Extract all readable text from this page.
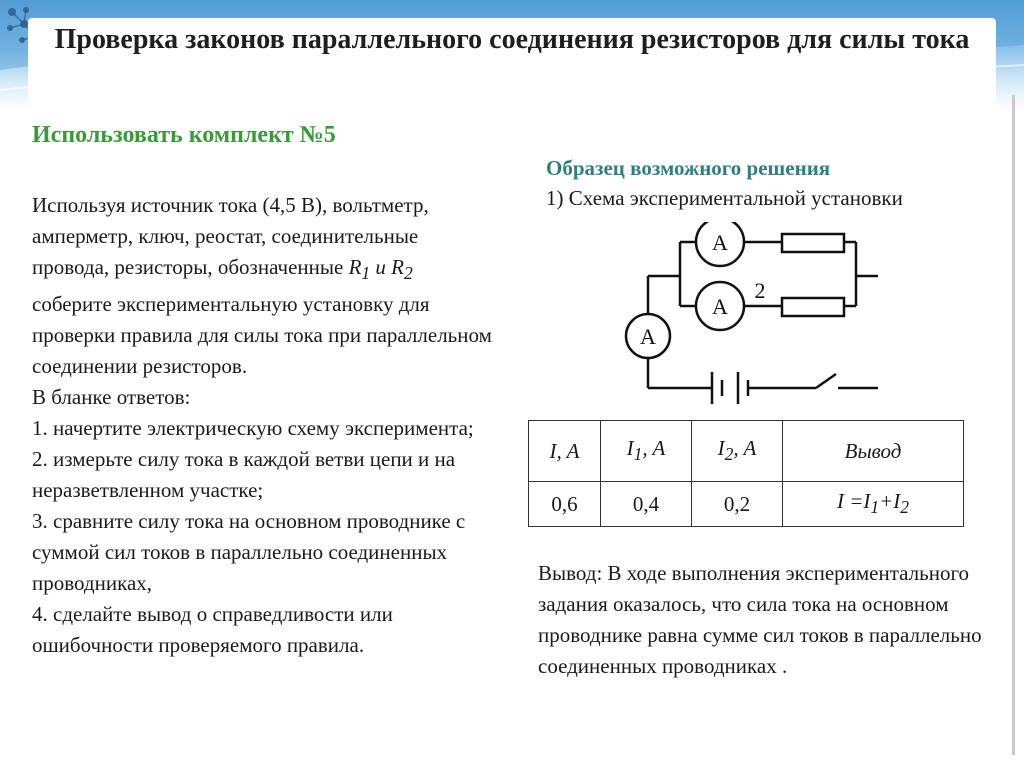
Проверка законов параллельного соединения резисторов для силы тока
Использовать комплект №5

Используя источник тока (4,5 В), вольтметр, амперметр, ключ, реостат, соединительные провода, резисторы, обозначенные $R_1$ и $R_2$ соберите экспериментальную установку для проверки правила для силы тока при параллельном соединении резисторов.

В бланке ответов:

1. начертите электрическую схему эксперимента;

2. измерьте силу тока в каждой ветви цепи и на неразветвленном участке;

3. сравните силу тока на основном проводнике с суммой сил токов в параллельно соединенных проводниках,

4. сделайте вывод о справедливости или ошибочности проверяемого правила.

Образец возможного решения
1) Схема экспериментальной установки
A
A
A
2
I, A	$I_1$, A	$I_2$, A	Вывод
0,6	0,4	0,2	$I =I_1+I_2$
Вывод: В ходе выполнения экспериментального задания оказалось, что сила тока на основном проводнике равна сумме сил токов в параллельно соединенных проводниках .
